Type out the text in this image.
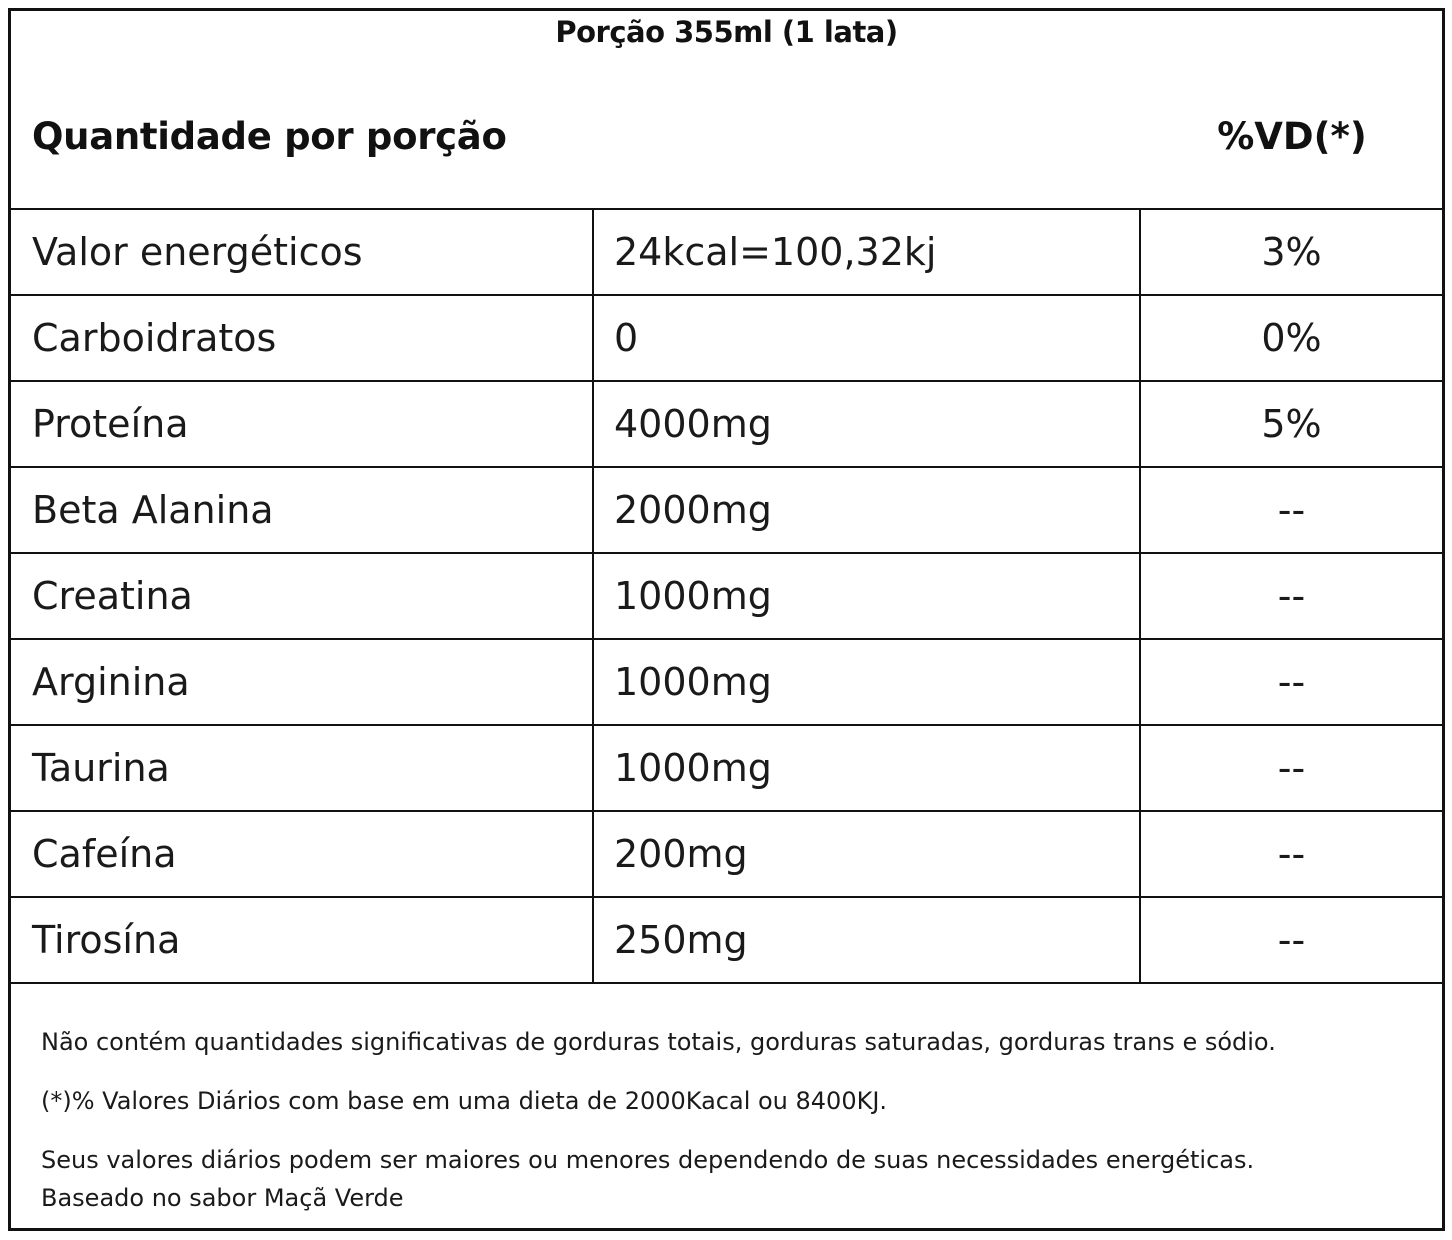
Porção 355ml (1 lata)
Quantidade por porção	%VD(*)
Valor energéticos	24kcal=100,32kj	3%
Carboidratos	0	0%
Proteína	4000mg	5%
Beta Alanina	2000mg	--
Creatina	1000mg	--
Arginina	1000mg	--
Taurina	1000mg	--
Cafeína	200mg	--
Tirosína	250mg	--

Não contém quantidades significativas de gorduras totais, gorduras saturadas, gorduras trans e sódio.

(*)% Valores Diários com base em uma dieta de 2000Kacal ou 8400KJ.

Seus valores diários podem ser maiores ou menores dependendo de suas necessidades energéticas.

Baseado no sabor Maçã Verde
